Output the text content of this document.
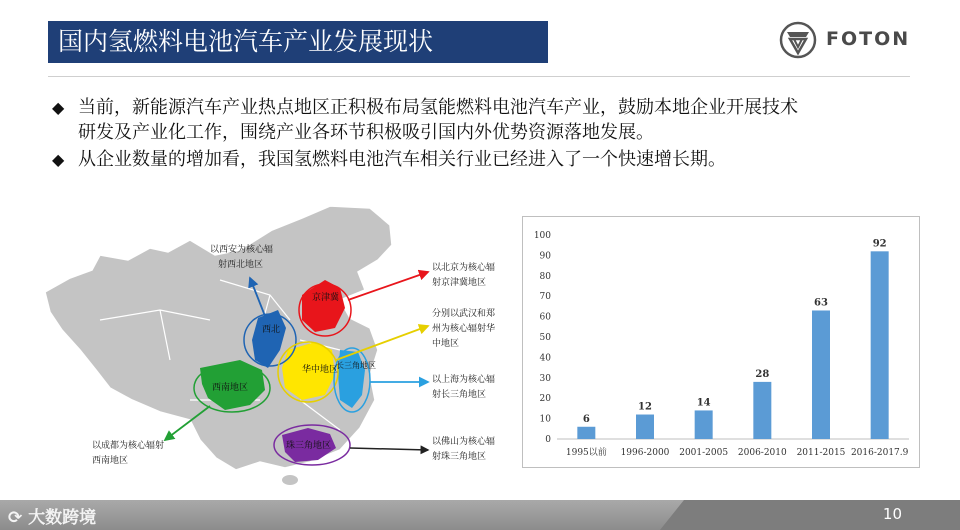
国内氢燃料电池汽车产业发展现状	FOTON
◆ 当前，新能源汽车产业热点地区正积极布局氢能燃料电池汽车产业，鼓励本地企业开展技术
研发及产业化工作，围绕产业各环节积极吸引国内外优势资源落地发展。
◆ 从企业数量的增加看，我国氢燃料电池汽车相关行业已经进入了一个快速增长期。
京津冀
西北
华中地区
长三角地区
西南地区
珠三角地区
以西安为核心辐
射西北地区	以北京为核心辐
射京津冀地区
分别以武汉和郑
州为核心辐射华
中地区
以上海为核心辐
射长三角地区
以成都为核心辐射
西南地区
以佛山为核心辐
射珠三角地区
0
10
20
30
40
50
60
70
80
90
100
6
1995以前
12
1996-2000
14
2001-2005
28
2006-2010
63
2011-2015
92
2016-2017.9
⟳ 大数跨境	10
